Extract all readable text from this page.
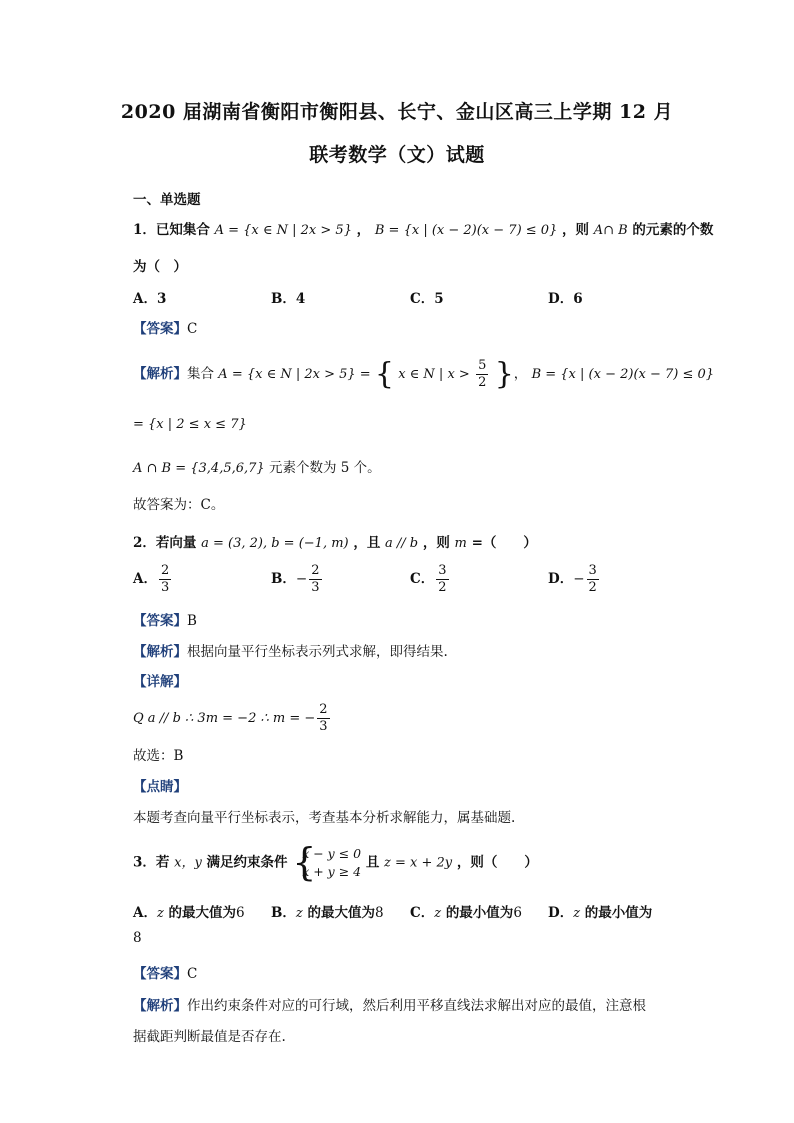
2020 届湖南省衡阳市衡阳县、长宁、金山区高三上学期 12 月
联考数学（文）试题
一、单选题
1．已知集合 A = {x ∈ N | 2x > 5} ， B = {x | (x − 2)(x − 7) ≤ 0} ，则 A∩ B 的元素的个数
为（　）
A．3	B．4	C．5	D．6
【答案】C
【解析】集合 A = {x ∈ N | 2x > 5} = { x ∈ N | $x > \frac{5}{2}$ }， B = {x | (x − 2)(x − 7) ≤ 0}
= {x | 2 ≤ x ≤ 7}
A ∩ B = {3,4,5,6,7} 元素个数为 5 个。
故答案为：C。
2．若向量 a = (3, 2), b = (−1, m) ，且 a // b ，则 m =（　　）
A． $\frac{2}{3}$	B．− $\frac{2}{3}$	C． $\frac{3}{2}$	D．− $\frac{3}{2}$
【答案】B
【解析】根据向量平行坐标表示列式求解，即得结果.
【详解】
Q a // b ∴ 3m = −2 ∴ m = − $\frac{2}{3}$
故选：B
【点睛】
本题考查向量平行坐标表示，考查基本分析求解能力，属基础题.
3．若 x，y 满足约束条件 {
x − y ≤ 0
x + y ≥ 4
且 z = x + 2y ，则（　　）
A．z 的最大值为6 B．z 的最大值为8 C．z 的最小值为6 D．z 的最小值为
8
【答案】C
【解析】作出约束条件对应的可行域，然后利用平移直线法求解出对应的最值，注意根
据截距判断最值是否存在.
